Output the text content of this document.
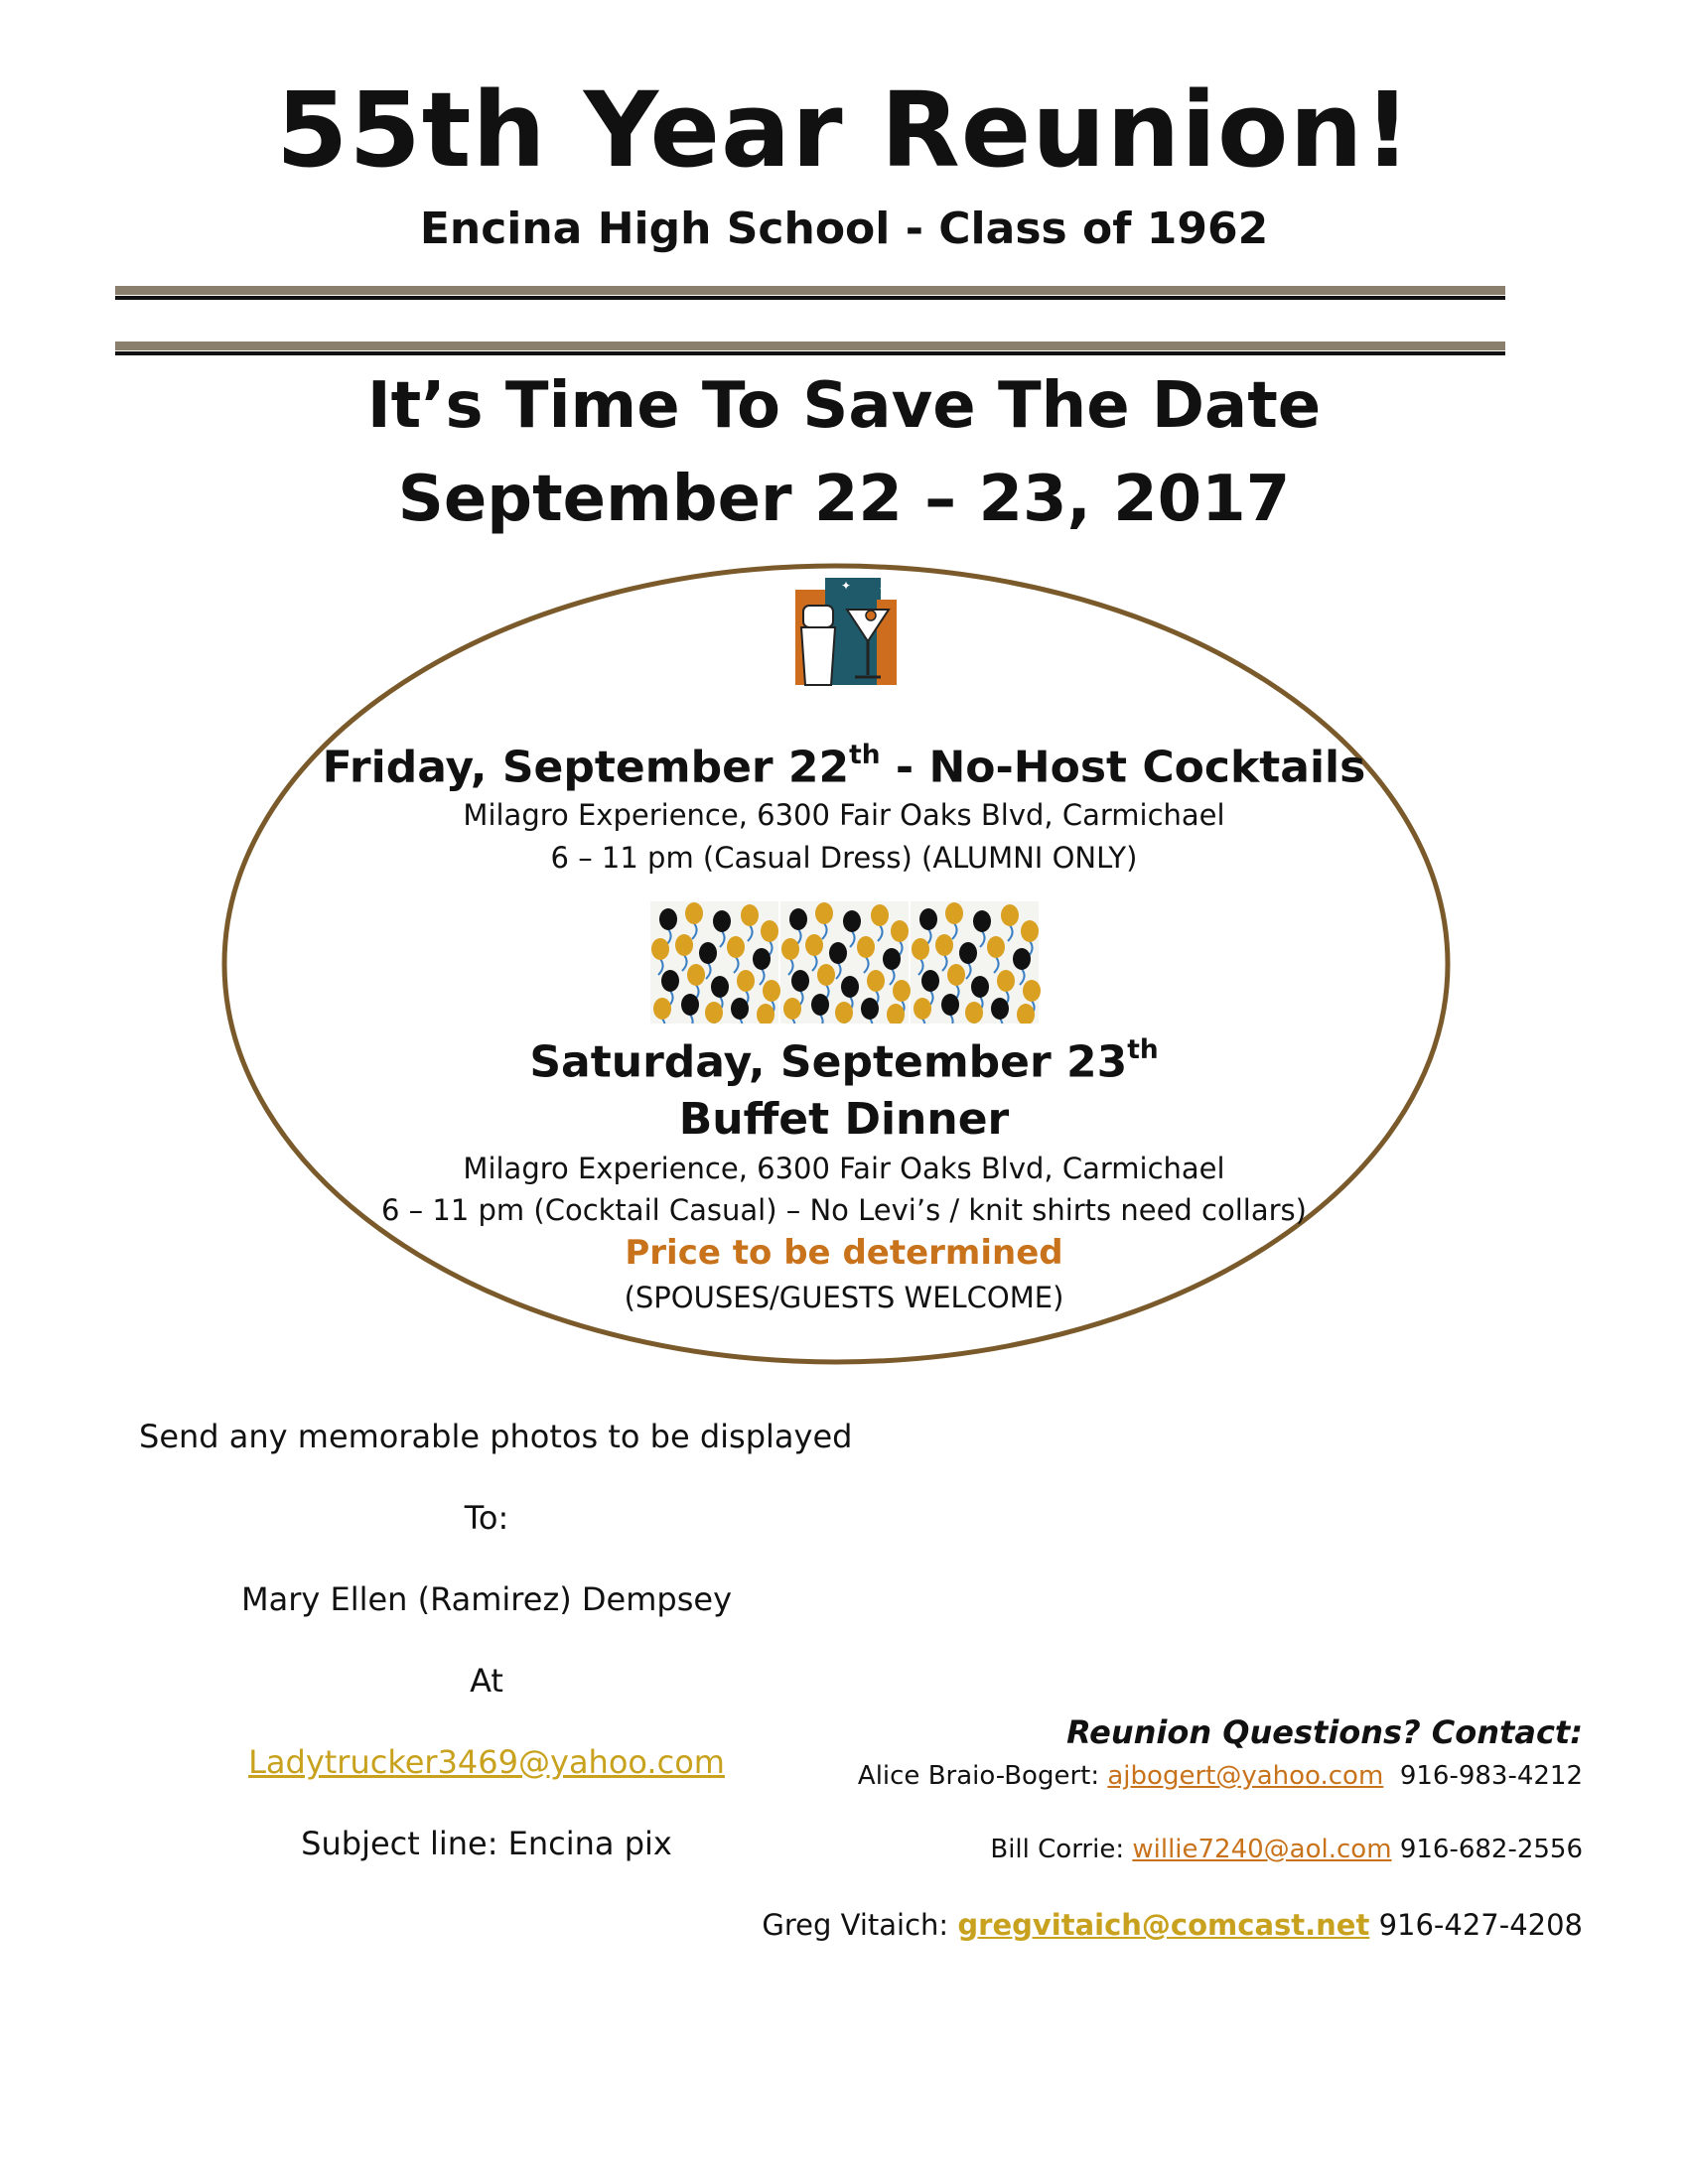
55th Year Reunion!
Encina High School - Class of 1962
It’s Time To Save The Date
September 22 – 23, 2017
✦	✦
Friday, September 22th - No-Host Cocktails
Milagro Experience, 6300 Fair Oaks Blvd, Carmichael
6 – 11 pm (Casual Dress) (ALUMNI ONLY)
Saturday, September 23th
Buffet Dinner
Milagro Experience, 6300 Fair Oaks Blvd, Carmichael
6 – 11 pm (Cocktail Casual) – No Levi’s / knit shirts need collars)
Price to be determined
(SPOUSES/GUESTS WELCOME)
Send any memorable photos to be displayed
To:
Mary Ellen (Ramirez) Dempsey
At
Ladytrucker3469@yahoo.com
Subject line: Encina pix
Reunion Questions? Contact:
Alice Braio-Bogert: ajbogert@yahoo.com 916-983-4212
Bill Corrie: willie7240@aol.com 916-682-2556
Greg Vitaich: gregvitaich@comcast.net 916-427-4208
